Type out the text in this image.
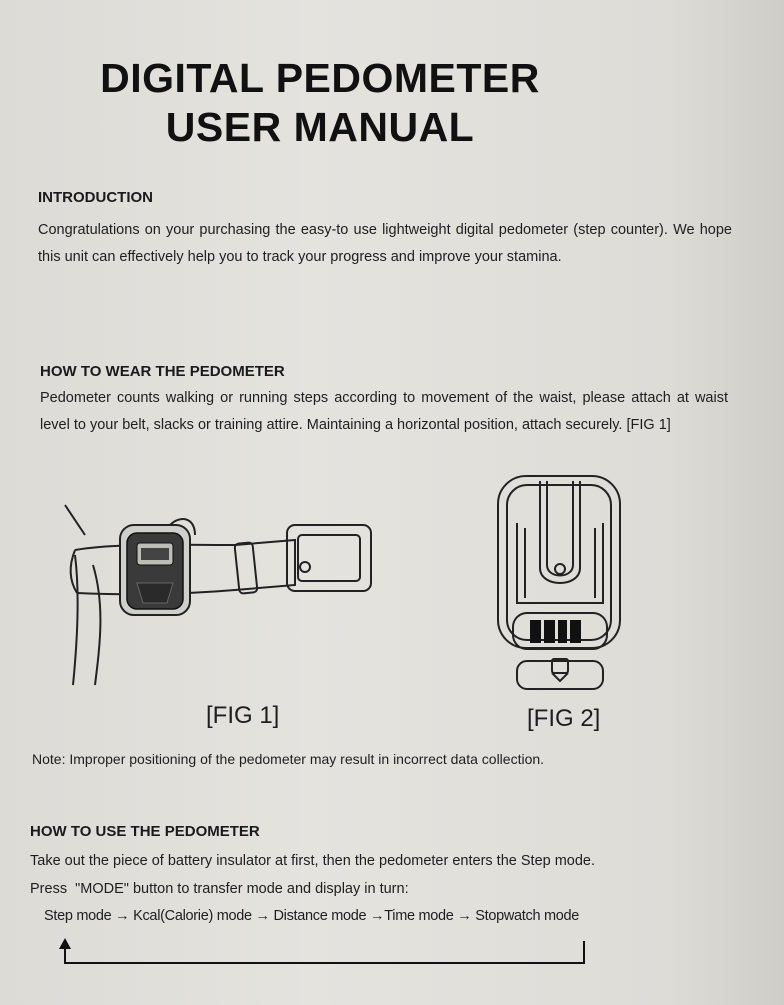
DIGITAL PEDOMETER
USER MANUAL
INTRODUCTION
Congratulations on your purchasing the easy-to use lightweight digital pedometer (step counter). We hope this unit can effectively help you to track your progress and improve your stamina.
HOW TO WEAR THE PEDOMETER
Pedometer counts walking or running steps according to movement of the waist, please attach at waist level to your belt, slacks or training attire. Maintaining a horizontal position, attach securely. [FIG 1]
[FIG 1]	[FIG 2]
Note: Improper positioning of the pedometer may result in incorrect data collection.
HOW TO USE THE PEDOMETER
Take out the piece of battery insulator at first, then the pedometer enters the Step mode.
Press  "MODE" button to transfer mode and display in turn:
Step mode → Kcal(Calorie) mode → Distance mode →Time mode → Stopwatch mode
